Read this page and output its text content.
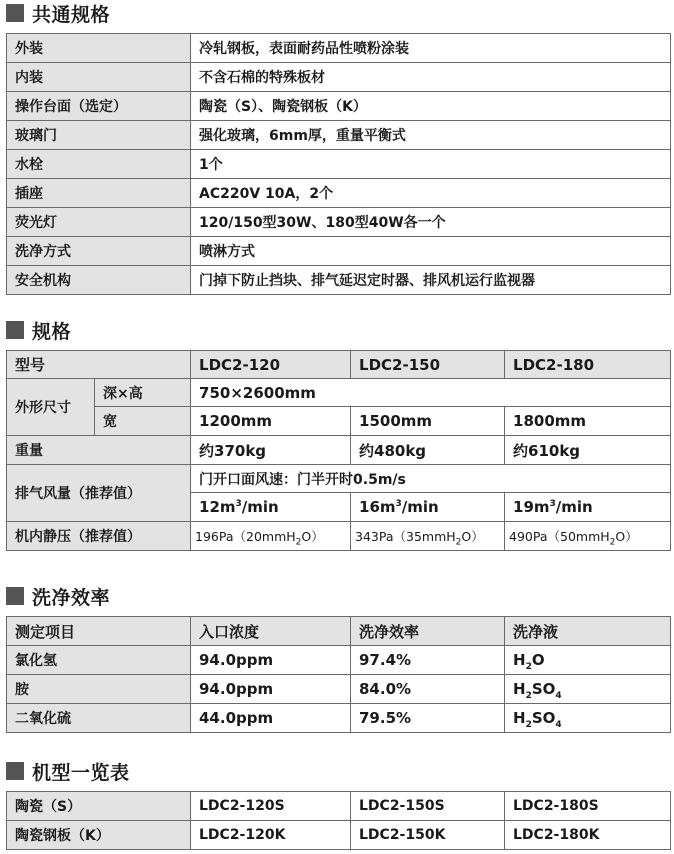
共通规格
外装	冷轧钢板，表面耐药品性喷粉涂装
内装	不含石棉的特殊板材
操作台面（选定）	陶瓷（S）、陶瓷钢板（K）
玻璃门	强化玻璃，6mm厚，重量平衡式
水栓	1个
插座	AC220V 10A，2个
荧光灯	120/150型30W、180型40W各一个
洗净方式	喷淋方式
安全机构	门掉下防止挡块、排气延迟定时器、排风机运行监视器
规格
型号		LDC2-120	LDC2-150	LDC2-180
外形尺寸	深×高	750×2600mm		
	宽	1200mm	1500mm	1800mm
重量		约370kg	约480kg	约610kg
排气风量（推荐值）		门开口面风速：门半开时0.5m/s		
		$12m^3/\min$	$16m^3/\min$	$19m^3/\min$
机内静压（推荐值）		196Pa（20mmH$_2$O）	343Pa（35mmH$_2$O）	490Pa（50mmH$_2$O）
洗净效率
测定项目	入口浓度	洗净效率	洗净液
氯化氢	94.0ppm	97.4%	$H_2O$
胺	94.0ppm	84.0%	$H_2SO_4$
二氧化硫	44.0ppm	79.5%	$H_2SO_4$
机型一览表
陶瓷（S）	LDC2-120S	LDC2-150S	LDC2-180S
陶瓷钢板（K）	LDC2-120K	LDC2-150K	LDC2-180K
